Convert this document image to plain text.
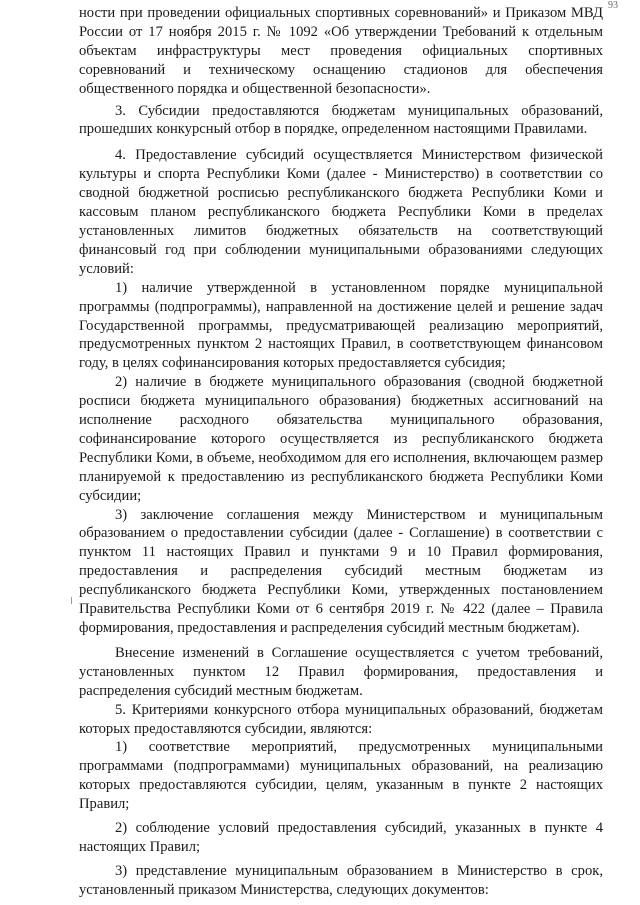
93

ности при проведении официальных спортивных соревнований» и Приказом МВД России от 17 ноября 2015 г. № 1092 «Об утверждении Требований к отдельным объектам инфраструктуры мест проведения официальных спортивных соревнований и техническому оснащению стадионов для обеспечения общественного порядка и общественной безопасности».

3. Субсидии предоставляются бюджетам муниципальных образований, прошедших конкурсный отбор в порядке, определенном настоящими Правилами.

4. Предоставление субсидий осуществляется Министерством физической культуры и спорта Республики Коми (далее - Министерство) в соответствии со сводной бюджетной росписью республиканского бюджета Республики Коми и кассовым планом республиканского бюджета Республики Коми в пределах установленных лимитов бюджетных обязательств на соответствующий финансовый год при соблюдении муниципальными образованиями следующих условий:

1) наличие утвержденной в установленном порядке муниципальной программы (подпрограммы), направленной на достижение целей и решение задач Государственной программы, предусматривающей реализацию мероприятий, предусмотренных пунктом 2 настоящих Правил, в соответствующем финансовом году, в целях софинансирования которых предоставляется субсидия;

2) наличие в бюджете муниципального образования (сводной бюджетной росписи бюджета муниципального образования) бюджетных ассигнований на исполнение расходного обязательства муниципального образования, софинансирование которого осуществляется из республиканского бюджета Республики Коми, в объеме, необходимом для его исполнения, включающем размер планируемой к предоставлению из республиканского бюджета Республики Коми субсидии;

3) заключение соглашения между Министерством и муниципальным образованием о предоставлении субсидии (далее - Соглашение) в соответствии с пунктом 11 настоящих Правил и пунктами 9 и 10 Правил формирования, предоставления и распределения субсидий местным бюджетам из республиканского бюджета Республики Коми, утвержденных постановлением Правительства Республики Коми от 6 сентября 2019 г. № 422 (далее – Правила формирования, предоставления и распределения субсидий местным бюджетам).

Внесение изменений в Соглашение осуществляется с учетом требований, установленных пунктом 12 Правил формирования, предоставления и распределения субсидий местным бюджетам.

5. Критериями конкурсного отбора муниципальных образований, бюджетам которых предоставляются субсидии, являются:

1) соответствие мероприятий, предусмотренных муниципальными программами (подпрограммами) муниципальных образований, на реализацию которых предоставляются субсидии, целям, указанным в пункте 2 настоящих Правил;

2) соблюдение условий предоставления субсидий, указанных в пункте 4 настоящих Правил;

3) представление муниципальным образованием в Министерство в срок, установленный приказом Министерства, следующих документов:
